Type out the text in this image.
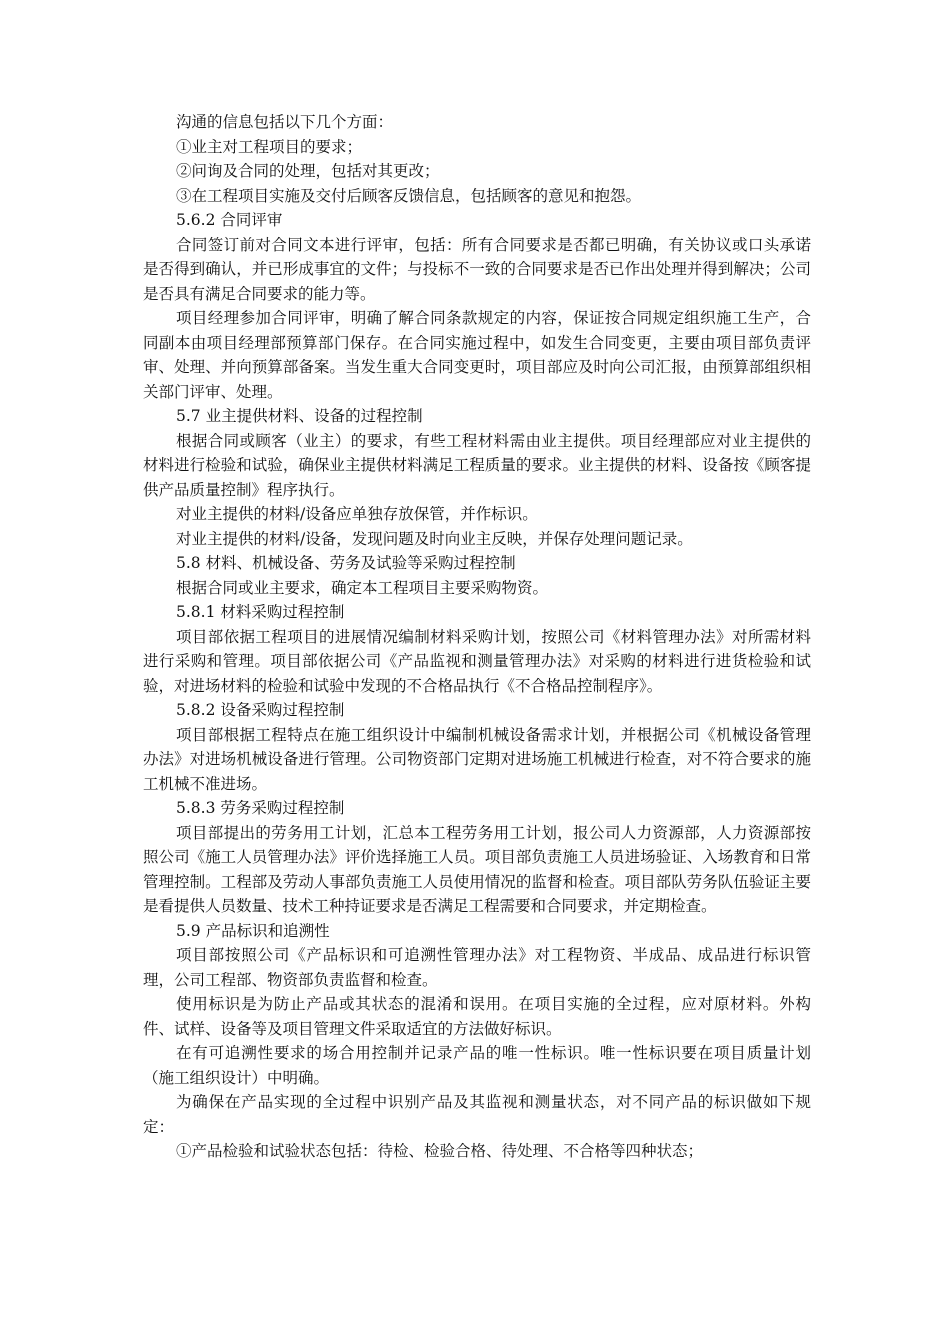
沟通的信息包括以下几个方面：

①业主对工程项目的要求；

②问询及合同的处理，包括对其更改；

③在工程项目实施及交付后顾客反馈信息，包括顾客的意见和抱怨。

5.6.2 合同评审

合同签订前对合同文本进行评审，包括：所有合同要求是否都已明确，有关协议或口头承诺是否得到确认，并已形成事宜的文件；与投标不一致的合同要求是否已作出处理并得到解决；公司是否具有满足合同要求的能力等。

项目经理参加合同评审，明确了解合同条款规定的内容，保证按合同规定组织施工生产，合同副本由项目经理部预算部门保存。在合同实施过程中，如发生合同变更，主要由项目部负责评审、处理、并向预算部备案。当发生重大合同变更时，项目部应及时向公司汇报，由预算部组织相关部门评审、处理。

5.7 业主提供材料、设备的过程控制

根据合同或顾客（业主）的要求，有些工程材料需由业主提供。项目经理部应对业主提供的材料进行检验和试验，确保业主提供材料满足工程质量的要求。业主提供的材料、设备按《顾客提供产品质量控制》程序执行。

对业主提供的材料/设备应单独存放保管，并作标识。

对业主提供的材料/设备，发现问题及时向业主反映，并保存处理问题记录。

5.8 材料、机械设备、劳务及试验等采购过程控制

根据合同或业主要求，确定本工程项目主要采购物资。

5.8.1 材料采购过程控制

项目部依据工程项目的进展情况编制材料采购计划，按照公司《材料管理办法》对所需材料进行采购和管理。项目部依据公司《产品监视和测量管理办法》对采购的材料进行进货检验和试验，对进场材料的检验和试验中发现的不合格品执行《不合格品控制程序》。

5.8.2 设备采购过程控制

项目部根据工程特点在施工组织设计中编制机械设备需求计划，并根据公司《机械设备管理办法》对进场机械设备进行管理。公司物资部门定期对进场施工机械进行检查，对不符合要求的施工机械不准进场。

5.8.3 劳务采购过程控制

项目部提出的劳务用工计划，汇总本工程劳务用工计划，报公司人力资源部，人力资源部按照公司《施工人员管理办法》评价选择施工人员。项目部负责施工人员进场验证、入场教育和日常管理控制。工程部及劳动人事部负责施工人员使用情况的监督和检查。项目部队劳务队伍验证主要是看提供人员数量、技术工种持证要求是否满足工程需要和合同要求，并定期检查。

5.9 产品标识和追溯性

项目部按照公司《产品标识和可追溯性管理办法》对工程物资、半成品、成品进行标识管理，公司工程部、物资部负责监督和检查。

使用标识是为防止产品或其状态的混淆和误用。在项目实施的全过程，应对原材料。外构件、试样、设备等及项目管理文件采取适宜的方法做好标识。

在有可追溯性要求的场合用控制并记录产品的唯一性标识。唯一性标识要在项目质量计划（施工组织设计）中明确。

为确保在产品实现的全过程中识别产品及其监视和测量状态，对不同产品的标识做如下规定：

①产品检验和试验状态包括：待检、检验合格、待处理、不合格等四种状态；
